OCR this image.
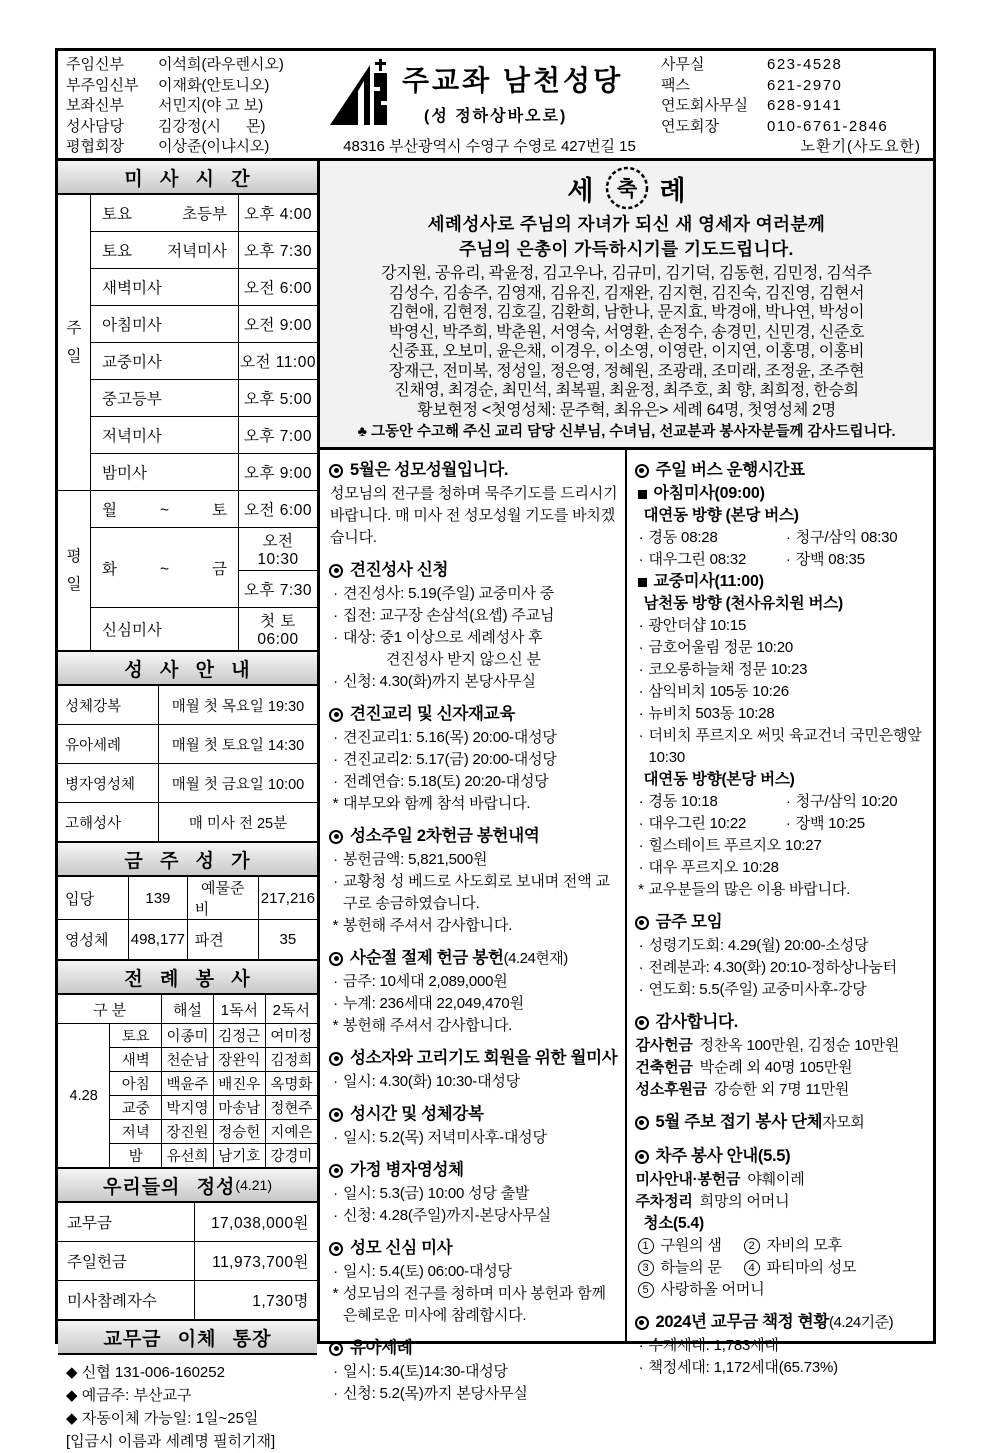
주임신부	이석희(라우렌시오)
부주임신부	이재화(안토니오)
보좌신부	서민지(야 고 보)
성사담당	김강정(시      몬)
평협회장	이상준(이냐시오)
주교좌 남천성당
(성 정하상바오로)
48316 부산광역시 수영구 수영로 427번길 15
사무실	623-4528
팩스	621-2970
연도회사무실	628-9141
연도회장	010-6761-2846
노환기(사도요한)
미 사 시 간
주
일	토요 초등부	오후 4:00
	토요 저녁미사	오후 7:30
	새벽미사	오전 6:00
	아침미사	오전 9:00
	교중미사	오전 11:00
	중고등부	오후 5:00
	저녁미사	오후 7:00
	밤미사	오후 9:00

평
일	월 ~ 토	오전 6:00
	화 ~ 금	오전 10:30
		오후 7:30
	신심미사	첫 토 06:00
성 사 안 내
성체강복	매월 첫 목요일 19:30
유아세례	매월 첫 토요일 14:30
병자영성체	매월 첫 금요일 10:00
고해성사	매 미사 전 25분
금 주 성 가
입당	139	예물준비	217,216
영성체	498,177	파견	35
전 례 봉 사
구 분		해설	1독서	2독서
4.28	토요	이종미	김정근	여미정
	새벽	천순남	장완익	김정희
	아침	백윤주	배진우	옥명화
	교중	박지영	마송남	정현주
	저녁	장진원	정승헌	지예은
	밤	유선희	남기호	강경미
우리들의 정성 (4.21)
교무금	17,038,000원
주일헌금	11,973,700원
미사참례자수	1,730명
교무금 이체 통장
◆ 신협 131-006-160252
◆ 예금주: 부산교구
◆ 자동이체 가능일: 1일~25일
[입금시 이름과 세례명 필히기재]
세 축 례
세례성사로 주님의 자녀가 되신 새 영세자 여러분께
주님의 은총이 가득하시기를 기도드립니다.
강지원, 공유리, 곽윤정, 김고우나, 김규미, 김기덕, 김동현, 김민정, 김석주
김성수, 김송주, 김영재, 김유진, 김재완, 김지현, 김진숙, 김진영, 김현서
김현애, 김현정, 김호길, 김환희, 남한나, 문지효, 박경애, 박나연, 박성이
박영신, 박주희, 박춘원, 서영숙, 서영환, 손정수, 송경민, 신민경, 신준호
신중표, 오보미, 윤은채, 이경우, 이소영, 이영란, 이지연, 이홍명, 이홍비
장재근, 전미복, 정성일, 정은영, 정혜원, 조광래, 조미래, 조정윤, 조주현
진채영, 최경순, 최민석, 최복필, 최윤정, 최주호, 최 향, 최희정, 한승희
황보현정 <첫영성체: 문주혁, 최유은> 세례 64명, 첫영성체 2명
♣ 그동안 수고해 주신 교리 담당 신부님, 수녀님, 선교분과 봉사자분들께 감사드립니다.
5월은 성모성월입니다.
성모님의 전구를 청하며 묵주기도를 드리시기 바랍니다. 매 미사 전 성모성월 기도를 바치겠습니다.
견진성사 신청
· 견진성사: 5.19(주일) 교중미사 중
· 집전: 교구장 손삼석(요셉) 주교님
· 대상: 중1 이상으로 세례성사 후
견진성사 받지 않으신 분
· 신청: 4.30(화)까지 본당사무실
견진교리 및 신자재교육
· 견진교리1: 5.16(목) 20:00-대성당
· 견진교리2: 5.17(금) 20:00-대성당
· 전례연습: 5.18(토) 20:20-대성당
* 대부모와 함께 참석 바랍니다.
성소주일 2차헌금 봉헌내역
· 봉헌금액: 5,821,500원
· 교황청 성 베드로 사도회로 보내며 전액 교구로 송금하였습니다.
* 봉헌해 주셔서 감사합니다.
사순절 절제 헌금 봉헌 (4.24현재)
· 금주: 10세대 2,089,000원
· 누계: 236세대 22,049,470원
* 봉헌해 주셔서 감사합니다.
성소자와 고리기도 회원을 위한 월미사
· 일시: 4.30(화) 10:30-대성당
성시간 및 성체강복
· 일시: 5.2(목) 저녁미사후-대성당
가정 병자영성체
· 일시: 5.3(금) 10:00 성당 출발
· 신청: 4.28(주일)까지-본당사무실
성모 신심 미사
· 일시: 5.4(토) 06:00-대성당
* 성모님의 전구를 청하며 미사 봉헌과 함께 은혜로운 미사에 참례합시다.
유아세례
· 일시: 5.4(토)14:30-대성당
· 신청: 5.2(목)까지 본당사무실
주일 버스 운행시간표
아침미사(09:00)
대연동 방향 (본당 버스)
· 경동 08:28	· 청구/삼익 08:30
· 대우그린 08:32	· 장백 08:35
교중미사(11:00)
남천동 방향 (천사유치원 버스)
· 광안더샵 10:15
· 금호어울림 정문 10:20
· 코오롱하늘채 정문 10:23
· 삼익비치 105동 10:26
· 뉴비치 503동 10:28
· 더비치 푸르지오 써밋 육교건너 국민은행앞 10:30
대연동 방향(본당 버스)
· 경동 10:18	· 청구/삼익 10:20
· 대우그린 10:22	· 장백 10:25
· 힐스테이트 푸르지오 10:27
· 대우 푸르지오 10:28
* 교우분들의 많은 이용 바랍니다.
금주 모임
· 성령기도회: 4.29(월) 20:00-소성당
· 전례분과: 4.30(화) 20:10-정하상나눔터
· 연도회: 5.5(주일) 교중미사후-강당
감사합니다.
감사헌금 정찬옥 100만원, 김정순 10만원
건축헌금 박순례 외 40명 105만원
성소후원금 강승한 외 7명 11만원
5월 주보 접기 봉사 단체 자모회
차주 봉사 안내(5.5)
미사안내·봉헌금 야훼이레
주차정리 희망의 어머니
청소(5.4)
1 구원의 샘	2 자비의 모후
3 하늘의 문	4 파티마의 성모
5 사랑하올 어머니
2024년 교무금 책정 현황 (4.24기준)
· 수계세대: 1,783세대
· 책정세대: 1,172세대(65.73%)
